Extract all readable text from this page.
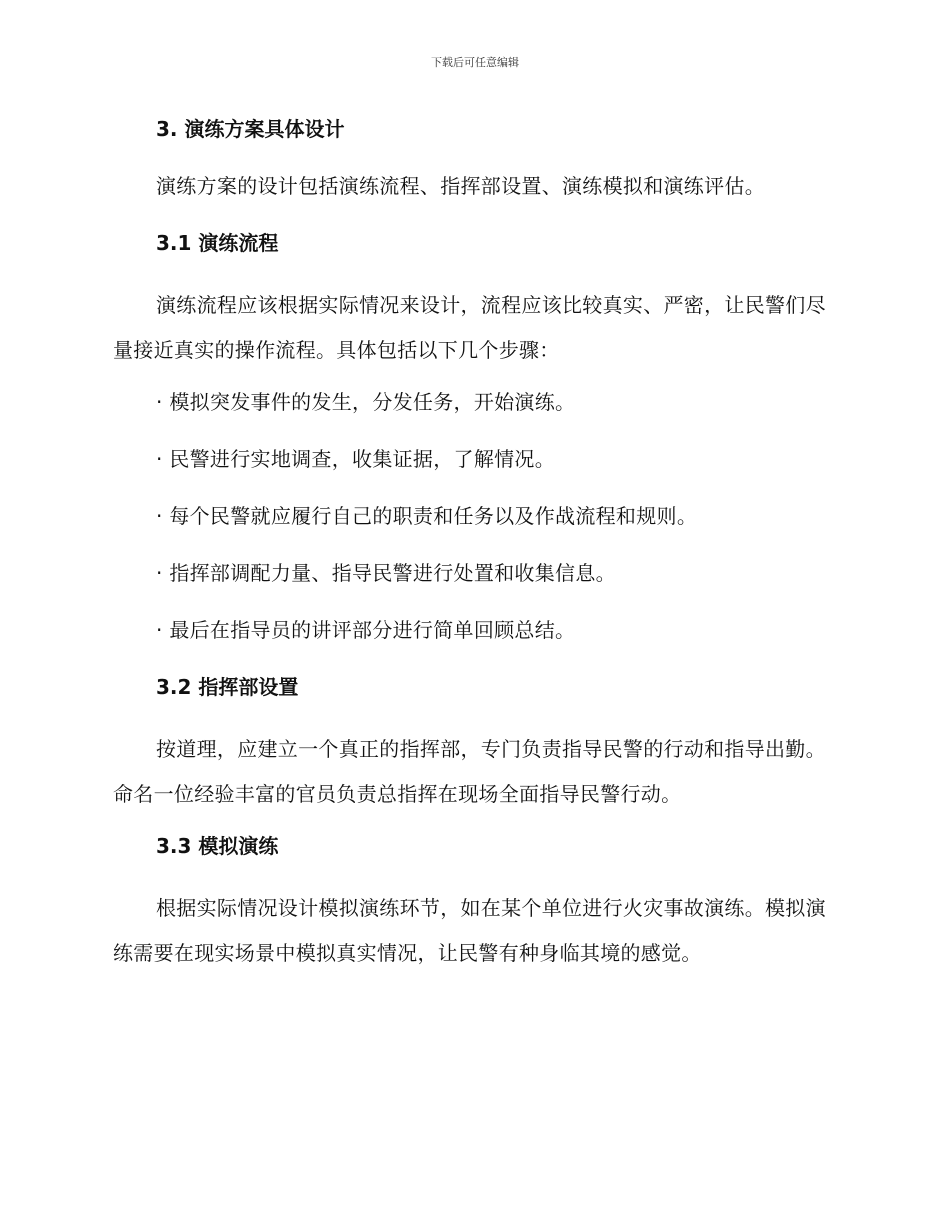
下载后可任意编辑
3. 演练方案具体设计
演练方案的设计包括演练流程、指挥部设置、演练模拟和演练评估。
3.1 演练流程
演练流程应该根据实际情况来设计，流程应该比较真实、严密，让民警们尽量接近真实的操作流程。具体包括以下几个步骤：
· 模拟突发事件的发生，分发任务，开始演练。
· 民警进行实地调查，收集证据，了解情况。
· 每个民警就应履行自己的职责和任务以及作战流程和规则。
· 指挥部调配力量、指导民警进行处置和收集信息。
· 最后在指导员的讲评部分进行简单回顾总结。
3.2 指挥部设置
按道理，应建立一个真正的指挥部，专门负责指导民警的行动和指导出勤。命名一位经验丰富的官员负责总指挥在现场全面指导民警行动。
3.3 模拟演练
根据实际情况设计模拟演练环节，如在某个单位进行火灾事故演练。模拟演练需要在现实场景中模拟真实情况，让民警有种身临其境的感觉。
